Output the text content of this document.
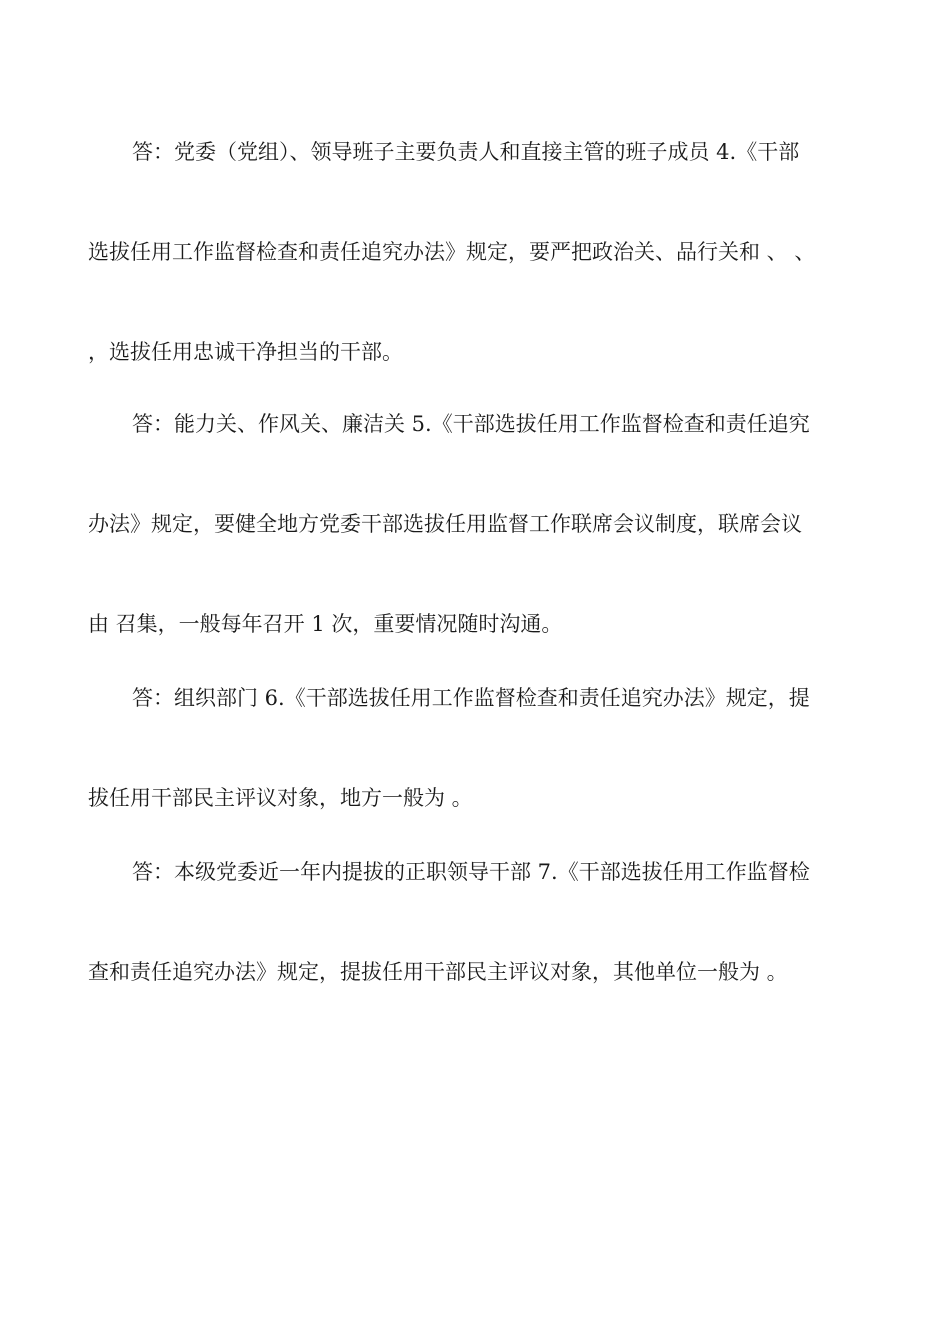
答：党委（党组）、领导班子主要负责人和直接主管的班子成员 4.《干部
选拔任用工作监督检查和责任追究办法》规定，要严把政治关、品行关和 、 、
，选拔任用忠诚干净担当的干部。
答：能力关、作风关、廉洁关 5.《干部选拔任用工作监督检查和责任追究
办法》规定，要健全地方党委干部选拔任用监督工作联席会议制度，联席会议
由 召集，一般每年召开 1 次，重要情况随时沟通。
答：组织部门 6.《干部选拔任用工作监督检查和责任追究办法》规定，提
拔任用干部民主评议对象，地方一般为 。
答：本级党委近一年内提拔的正职领导干部 7.《干部选拔任用工作监督检
查和责任追究办法》规定，提拔任用干部民主评议对象，其他单位一般为 。
